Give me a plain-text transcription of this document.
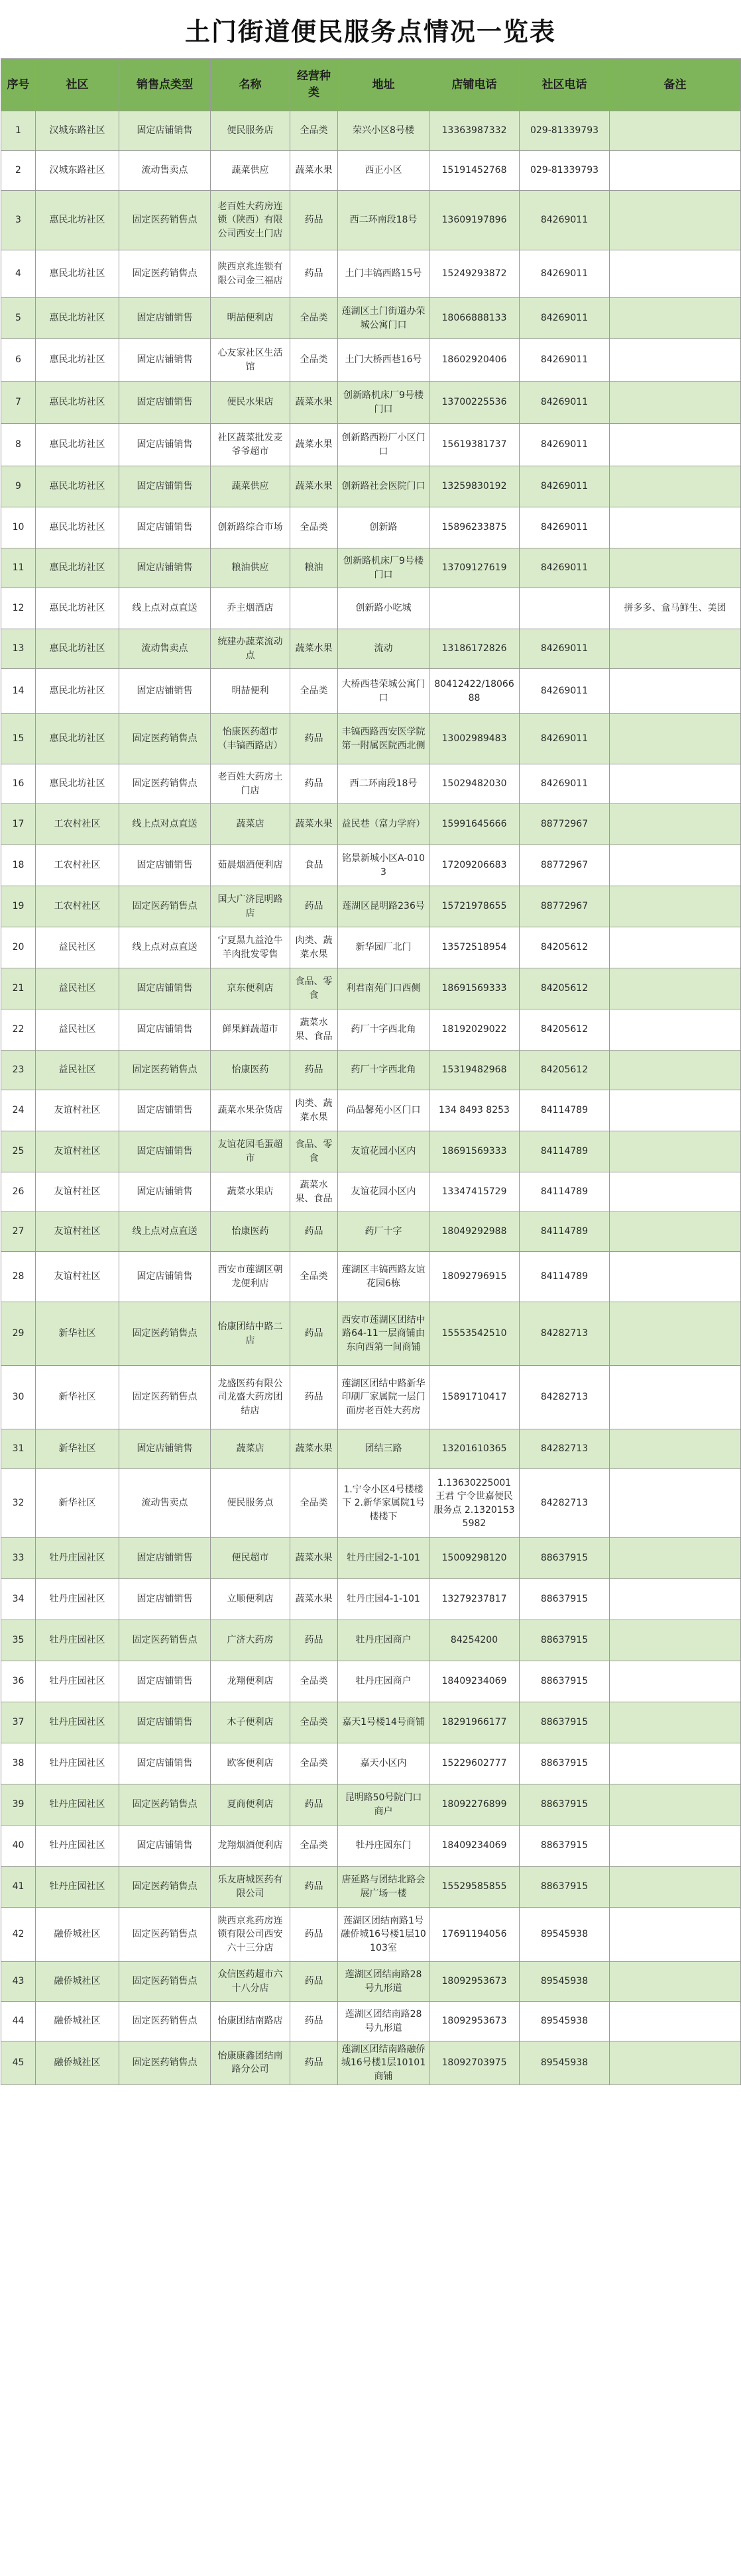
土门街道便民服务点情况一览表
序号	社区	销售点类型	名称	经营种类	地址	店铺电话	社区电话	备注
1	汉城东路社区	固定店铺销售	便民服务店	全品类	荣兴小区8号楼	13363987332	029-81339793	
2	汉城东路社区	流动售卖点	蔬菜供应	蔬菜水果	西正小区	15191452768	029-81339793	
3	惠民北坊社区	固定医药销售点	老百姓大药房连锁（陕西）有限公司西安土门店	药品	西二环南段18号	13609197896	84269011	
4	惠民北坊社区	固定医药销售点	陕西京兆连锁有限公司金三福店	药品	土门丰镐西路15号	15249293872	84269011	
5	惠民北坊社区	固定店铺销售	明喆便利店	全品类	莲湖区土门街道办荣城公寓门口	18066888133	84269011	
6	惠民北坊社区	固定店铺销售	心友家社区生活馆	全品类	土门大桥西巷16号	18602920406	84269011	
7	惠民北坊社区	固定店铺销售	便民水果店	蔬菜水果	创新路机床厂9号楼门口	13700225536	84269011	
8	惠民北坊社区	固定店铺销售	社区蔬菜批发麦爷爷超市	蔬菜水果	创新路西粉厂小区门口	15619381737	84269011	
9	惠民北坊社区	固定店铺销售	蔬菜供应	蔬菜水果	创新路社会医院门口	13259830192	84269011	
10	惠民北坊社区	固定店铺销售	创新路综合市场	全品类	创新路	15896233875	84269011	
11	惠民北坊社区	固定店铺销售	粮油供应	粮油	创新路机床厂9号楼门口	13709127619	84269011	
12	惠民北坊社区	线上点对点直送	乔主烟酒店		创新路小吃城			拼多多、盒马鲜生、美团
13	惠民北坊社区	流动售卖点	统建办蔬菜流动点	蔬菜水果	流动	13186172826	84269011	
14	惠民北坊社区	固定店铺销售	明喆便利	全品类	大桥西巷荣城公寓门口	80412422/1806688	84269011	
15	惠民北坊社区	固定医药销售点	怡康医药超市（丰镐西路店）	药品	丰镐西路西安医学院第一附属医院西北侧	13002989483	84269011	
16	惠民北坊社区	固定医药销售点	老百姓大药房土门店	药品	西二环南段18号	15029482030	84269011	
17	工农村社区	线上点对点直送	蔬菜店	蔬菜水果	益民巷（富力学府）	15991645666	88772967	
18	工农村社区	固定店铺销售	茹晨烟酒便利店	食品	铭景新城小区A-0103	17209206683	88772967	
19	工农村社区	固定医药销售点	国大广济昆明路店	药品	莲湖区昆明路236号	15721978655	88772967	
20	益民社区	线上点对点直送	宁夏黑九益沧牛羊肉批发零售	肉类、蔬菜水果	新华园厂北门	13572518954	84205612	
21	益民社区	固定店铺销售	京东便利店	食品、零食	利君南苑门口西侧	18691569333	84205612	
22	益民社区	固定店铺销售	鲜果鲜蔬超市	蔬菜水果、食品	药厂十字西北角	18192029022	84205612	
23	益民社区	固定医药销售点	怡康医药	药品	药厂十字西北角	15319482968	84205612	
24	友谊村社区	固定店铺销售	蔬菜水果杂货店	肉类、蔬菜水果	尚品馨苑小区门口	134 8493 8253	84114789	
25	友谊村社区	固定店铺销售	友谊花园毛蛋超市	食品、零食	友谊花园小区内	18691569333	84114789	
26	友谊村社区	固定店铺销售	蔬菜水果店	蔬菜水果、食品	友谊花园小区内	13347415729	84114789	
27	友谊村社区	线上点对点直送	怡康医药	药品	药厂十字	18049292988	84114789	
28	友谊村社区	固定店铺销售	西安市莲湖区朝龙便利店	全品类	莲湖区丰镐西路友谊花园6栋	18092796915	84114789	
29	新华社区	固定医药销售点	怡康团结中路二店	药品	西安市莲湖区团结中路64-11一层商铺由东向西第一间商铺	15553542510	84282713	
30	新华社区	固定医药销售点	龙盛医药有限公司龙盛大药房团结店	药品	莲湖区团结中路新华印刷厂家属院一层门面房老百姓大药房	15891710417	84282713	
31	新华社区	固定店铺销售	蔬菜店	蔬菜水果	团结三路	13201610365	84282713	
32	新华社区	流动售卖点	便民服务点	全品类	1.宁令小区4号楼楼下 2.新华家属院1号楼楼下	1.13630225001 王君 宁令世嘉便民服务点 2.13201535982	84282713	
33	牡丹庄园社区	固定店铺销售	便民超市	蔬菜水果	牡丹庄园2-1-101	15009298120	88637915	
34	牡丹庄园社区	固定店铺销售	立顺便利店	蔬菜水果	牡丹庄园4-1-101	13279237817	88637915	
35	牡丹庄园社区	固定医药销售点	广济大药房	药品	牡丹庄园商户	84254200	88637915	
36	牡丹庄园社区	固定店铺销售	龙翔便利店	全品类	牡丹庄园商户	18409234069	88637915	
37	牡丹庄园社区	固定店铺销售	木子便利店	全品类	嘉天1号楼14号商铺	18291966177	88637915	
38	牡丹庄园社区	固定店铺销售	欧客便利店	全品类	嘉天小区内	15229602777	88637915	
39	牡丹庄园社区	固定医药销售点	夏商便利店	药品	昆明路50号院门口商户	18092276899	88637915	
40	牡丹庄园社区	固定店铺销售	龙翔烟酒便利店	全品类	牡丹庄园东门	18409234069	88637915	
41	牡丹庄园社区	固定医药销售点	乐友唐城医药有限公司	药品	唐延路与团结北路会展广场一楼	15529585855	88637915	
42	融侨城社区	固定医药销售点	陕西京兆药房连锁有限公司西安六十三分店	药品	莲湖区团结南路1号融侨城16号楼1层10103室	17691194056	89545938	
43	融侨城社区	固定医药销售点	众信医药超市六十八分店	药品	莲湖区团结南路28号九形道	18092953673	89545938	
44	融侨城社区	固定医药销售点	怡康团结南路店	药品	莲湖区团结南路28号九形道	18092953673	89545938	
45	融侨城社区	固定医药销售点	怡康康鑫团结南路分公司	药品	莲湖区团结南路融侨城16号楼1层10101商铺	18092703975	89545938	
